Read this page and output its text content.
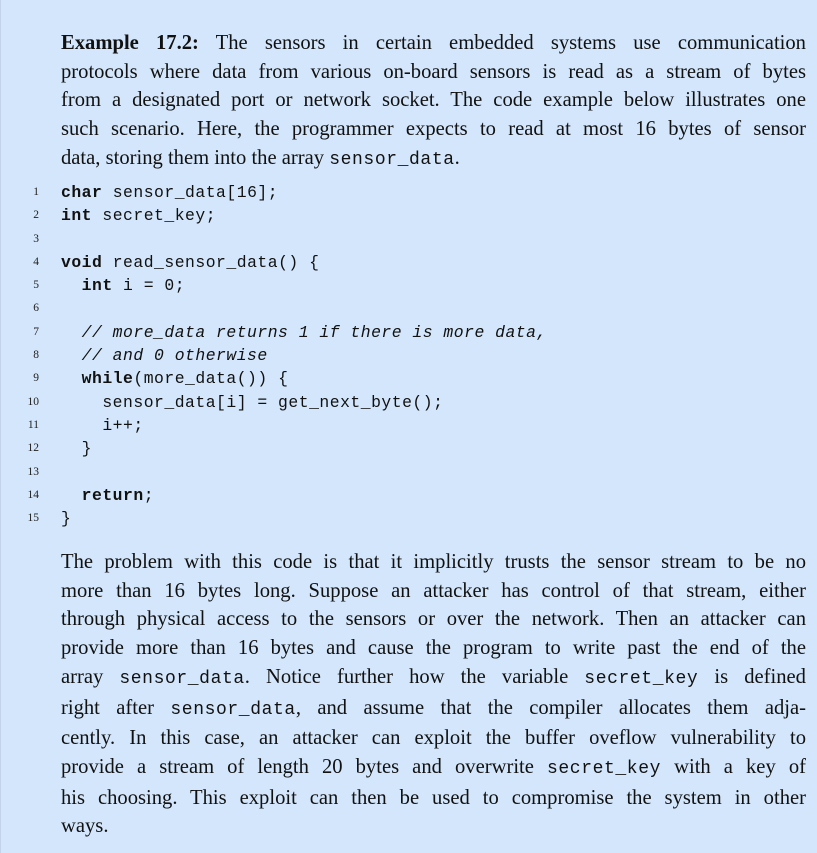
Example 17.2: The sensors in certain embedded systems use communication
protocols where data from various on-board sensors is read as a stream of bytes
from a designated port or network socket. The code example below illustrates one
such scenario. Here, the programmer expects to read at most 16 bytes of sensor
data, storing them into the array sensor_data.

1 char sensor_data[16];
2 int secret_key;
3
4 void read_sensor_data() {
5 int i = 0;
6
7 // more_data returns 1 if there is more data,
8 // and 0 otherwise
9 while(more_data()) {
10 sensor_data[i] = get_next_byte();
11 i++;
12 }
13
14 return;
15 }

The problem with this code is that it implicitly trusts the sensor stream to be no
more than 16 bytes long. Suppose an attacker has control of that stream, either
through physical access to the sensors or over the network. Then an attacker can
provide more than 16 bytes and cause the program to write past the end of the
array sensor_data. Notice further how the variable secret_key is defined
right after sensor_data, and assume that the compiler allocates them adja-
cently. In this case, an attacker can exploit the buffer oveflow vulnerability to
provide a stream of length 20 bytes and overwrite secret_key with a key of
his choosing. This exploit can then be used to compromise the system in other
ways.
